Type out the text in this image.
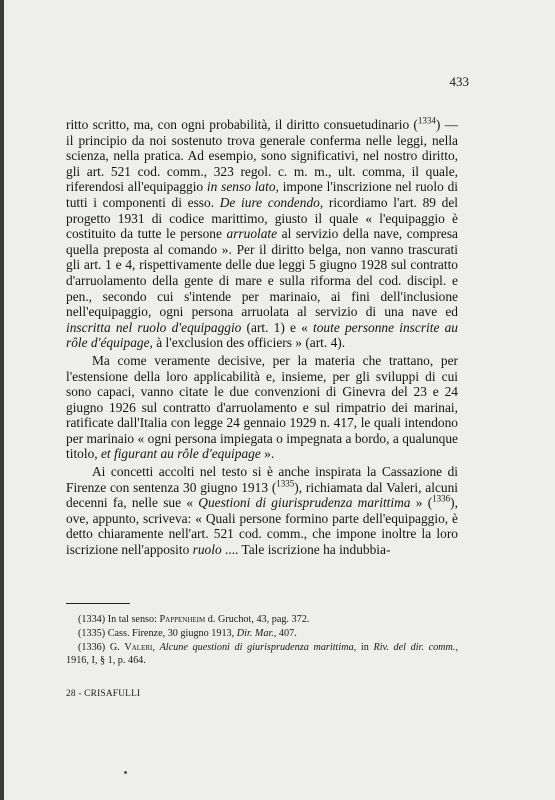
433

ritto scritto, ma, con ogni probabilità, il diritto consuetudinario ($^{1334}$) — il principio da noi sostenuto trova generale conferma nelle leggi, nella scienza, nella pratica. Ad esempio, sono significativi, nel nostro diritto, gli art. 521 cod. comm., 323 regol. c. m. m., ult. comma, il quale, riferendosi all'equipaggio in senso lato, impone l'inscrizione nel ruolo di tutti i componenti di esso. De iure condendo, ricordiamo l'art. 89 del progetto 1931 di codice marittimo, giusto il quale « l'equipaggio è costituito da tutte le persone arruolate al servizio della nave, compresa quella preposta al comando ». Per il diritto belga, non vanno trascurati gli art. 1 e 4, rispettivamente delle due leggi 5 giugno 1928 sul contratto d'arruolamento della gente di mare e sulla riforma del cod. discipl. e pen., secondo cui s'intende per marinaio, ai fini dell'inclusione nell'equipaggio, ogni persona arruolata al servizio di una nave ed inscritta nel ruolo d'equipaggio (art. 1) e « toute personne inscrite au rôle d'équipage, à l'exclusion des officiers » (art. 4).

Ma come veramente decisive, per la materia che trattano, per l'estensione della loro applicabilità e, insieme, per gli sviluppi di cui sono capaci, vanno citate le due convenzioni di Ginevra del 23 e 24 giugno 1926 sul contratto d'arruolamento e sul rimpatrio dei marinai, ratificate dall'Italia con legge 24 gennaio 1929 n. 417, le quali intendono per marinaio « ogni persona impiegata o impegnata a bordo, a qualunque titolo, et figurant au rôle d'equipage ».

Ai concetti accolti nel testo si è anche inspirata la Cassazione di Firenze con sentenza 30 giugno 1913 ($^{1335}$), richiamata dal Valeri, alcuni decenni fa, nelle sue « Questioni di giurisprudenza marittima » ($^{1336}$), ove, appunto, scriveva: « Quali persone formino parte dell'equipaggio, è detto chiaramente nell'art. 521 cod. comm., che impone inoltre la loro iscrizione nell'apposito ruolo .... Tale iscrizione ha indubbia-

(1334) In tal senso: Pappenheim d. Gruchot, 43, pag. 372.

(1335) Cass. Firenze, 30 giugno 1913, Dir. Mar., 407.

(1336) G. Valeri, Alcune questioni di giurisprudenza marittima, in Riv. del dir. comm., 1916, I, § 1, p. 464.

28 - CRISAFULLI
